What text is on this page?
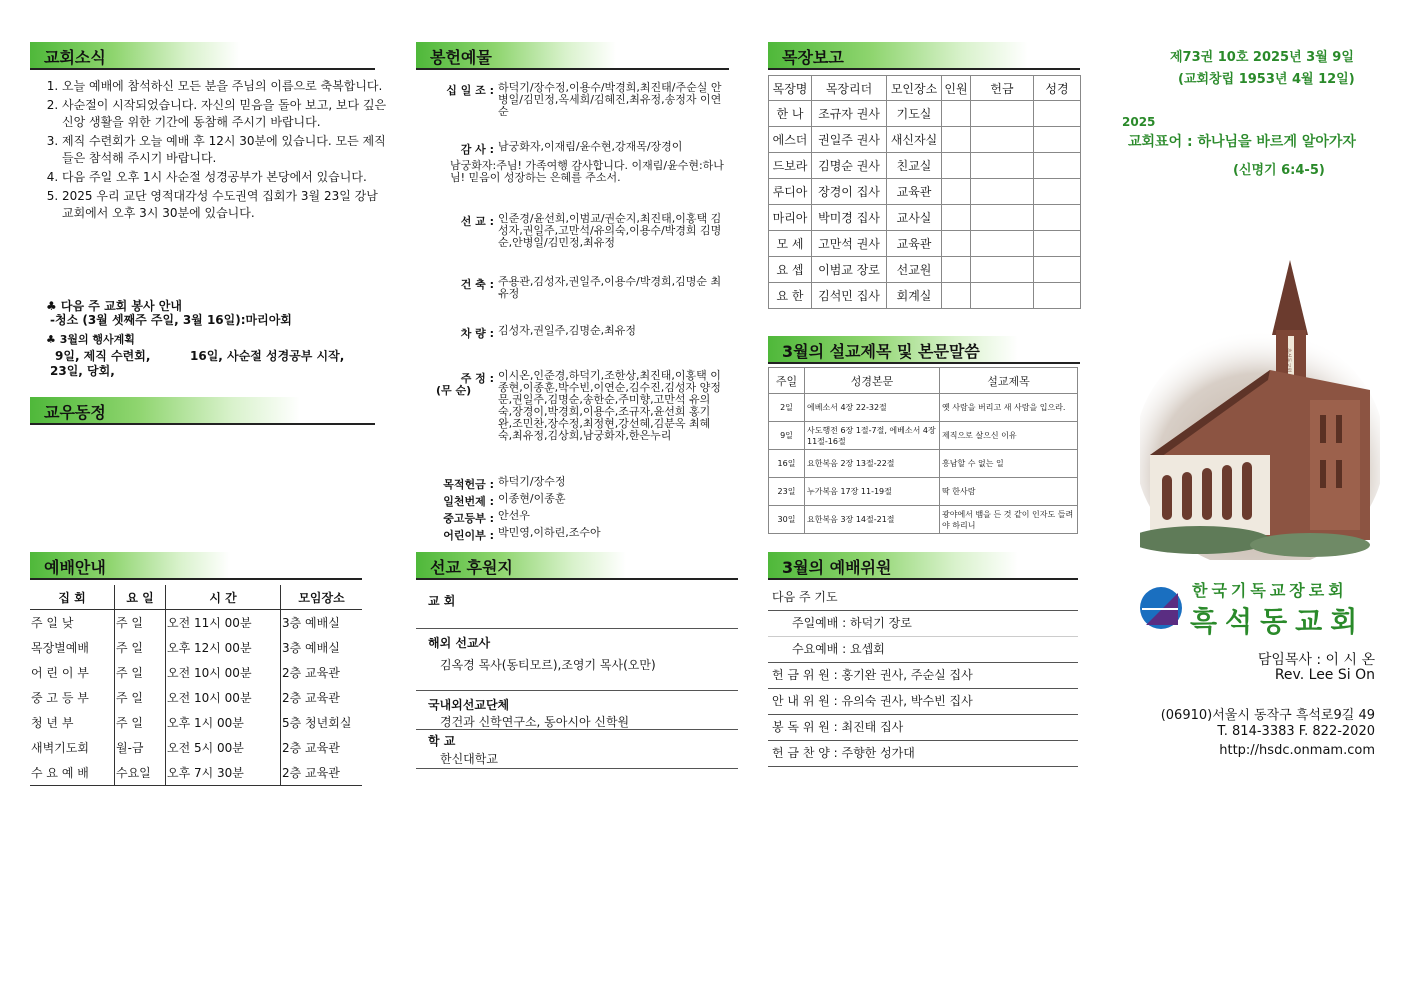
교회소식
1. 오늘 예배에 참석하신 모든 분을 주님의 이름으로 축복합니다.
2. 사순절이 시작되었습니다. 자신의 믿음을 돌아 보고, 보다 깊은 신앙 생활을 위한 기간에 동참해 주시기 바랍니다.
3. 제직 수련회가 오늘 예배 후 12시 30분에 있습니다. 모든 제직들은 참석해 주시기 바랍니다.
4. 다음 주일 오후 1시 사순절 성경공부가 본당에서 있습니다.
5. 2025 우리 교단 영적대각성 수도권역 집회가 3월 23일 강남교회에서 오후 3시 30분에 있습니다.
♣ 다음 주 교회 봉사 안내
-청소 (3월 셋째주 주일, 3월 16일):마리아회
♣ 3월의 행사계획
9일, 제직 수련회,	16일, 사순절 성경공부 시작,
23일, 당회,
교우동정
예배안내
집 회	요 일	시 간	모임장소
주 일 낮	주 일	오전 11시 00분	3층 예배실
목장별예배	주 일	오후 12시 00분	3층 예배실
어 린 이 부	주 일	오전 10시 00분	2층 교육관
중 고 등 부	주 일	오전 10시 00분	2층 교육관
청 년 부	주 일	오후 1시 00분	5층 청년회실
새벽기도회	월-금	오전 5시 00분	2층 교육관
수 요 예 배	수요일	오후 7시 30분	2층 교육관
봉헌예물
십 일 조 : 하덕기/장수정,이용수/박경희,최진태/주순실 안병일/김민정,옥세희/김혜진,최유정,송정자 이연순
감 사 : 남궁화자,이재림/윤수현,강재목/장경이
남궁화자:주님! 가족여행 감사합니다. 이재림/윤수현:하나님! 믿음이 성장하는 은혜를 주소서.
선 교 : 인준경/윤선희,이범교/권순지,최진태,이홍택 김성자,권일주,고만석/유의숙,이용수/박경희 김명순,안병일/김민정,최유정
건 축 : 주용관,김성자,권일주,이용수/박경희,김명순 최유정
차 량 : 김성자,권일주,김명순,최유정
주 정 : 이시온,인준경,하덕기,조한상,최진태,이홍택 이종현,이종훈,박수빈,이연순,김수진,김성자 양정문,권일주,김명순,송한순,주미향,고만석 유의숙,장경이,박경희,이용수,조규자,윤선희 홍기완,조민찬,장수정,최정현,강선혜,김분옥 최혜숙,최유정,김상희,남궁화자,한은누리
(무 순)
목적헌금 : 하덕기/장수정
일천번제 : 이종현/이종훈
중고등부 : 안선우
어린이부 : 박민영,이하린,조수아
선교 후원지
교 회
해외 선교사
김옥경 목사(동티모르),조영기 목사(오만)
국내외선교단체
경건과 신학연구소, 동아시아 신학원
학 교
한신대학교
목장보고
목장명	목장리더	모인장소	인원	헌금	성경
한 나	조규자 권사	기도실			
에스더	권일주 권사	새신자실			
드보라	김명순 권사	친교실			
루디아	장경이 집사	교육관			
마리아	박미경 집사	교사실			
모 세	고만석 권사	교육관			
요 셉	이범교 장로	선교원			
요 한	김석민 집사	회계실			
3월의 설교제목 및 본문말씀
주일	성경본문	설교제목
2일	에베소서 4장 22-32절	옛 사람을 버리고 새 사람을 입으라.
9일	사도행전 6장 1절-7절, 에베소서 4장 11절-16절	제직으로 살으신 이유
16일	요한복음 2장 13절-22절	흥남할 수 없는 일
23일	누가복음 17장 11-19절	딱 한사람
30일	요한복음 3장 14절-21절	광야에서 뱀을 든 것 같이 인자도 들려야 하리니
3월의 예배위원
다음 주 기도
주일예배 : 하덕기 장로
수요예배 : 요셉회
헌 금 위 원 : 홍기완 권사, 주순실 집사
안 내 위 원 : 유의숙 권사, 박수빈 집사
봉 독 위 원 : 최진태 집사
헌 금 찬 양 : 주향한 성가대
제73권 10호 2025년 3월 9일
(교회창립 1953년 4월 12일)
2025
교회표어 : 하나님을 바르게 알아가자
(신명기 6:4-5)
흑석동교회
한국기독교장로회
흑석동교회
담임목사 : 이 시 온
Rev. Lee Si On
(06910)서울시 동작구 흑석로9길 49
T. 814-3383 F. 822-2020
http://hsdc.onmam.com
